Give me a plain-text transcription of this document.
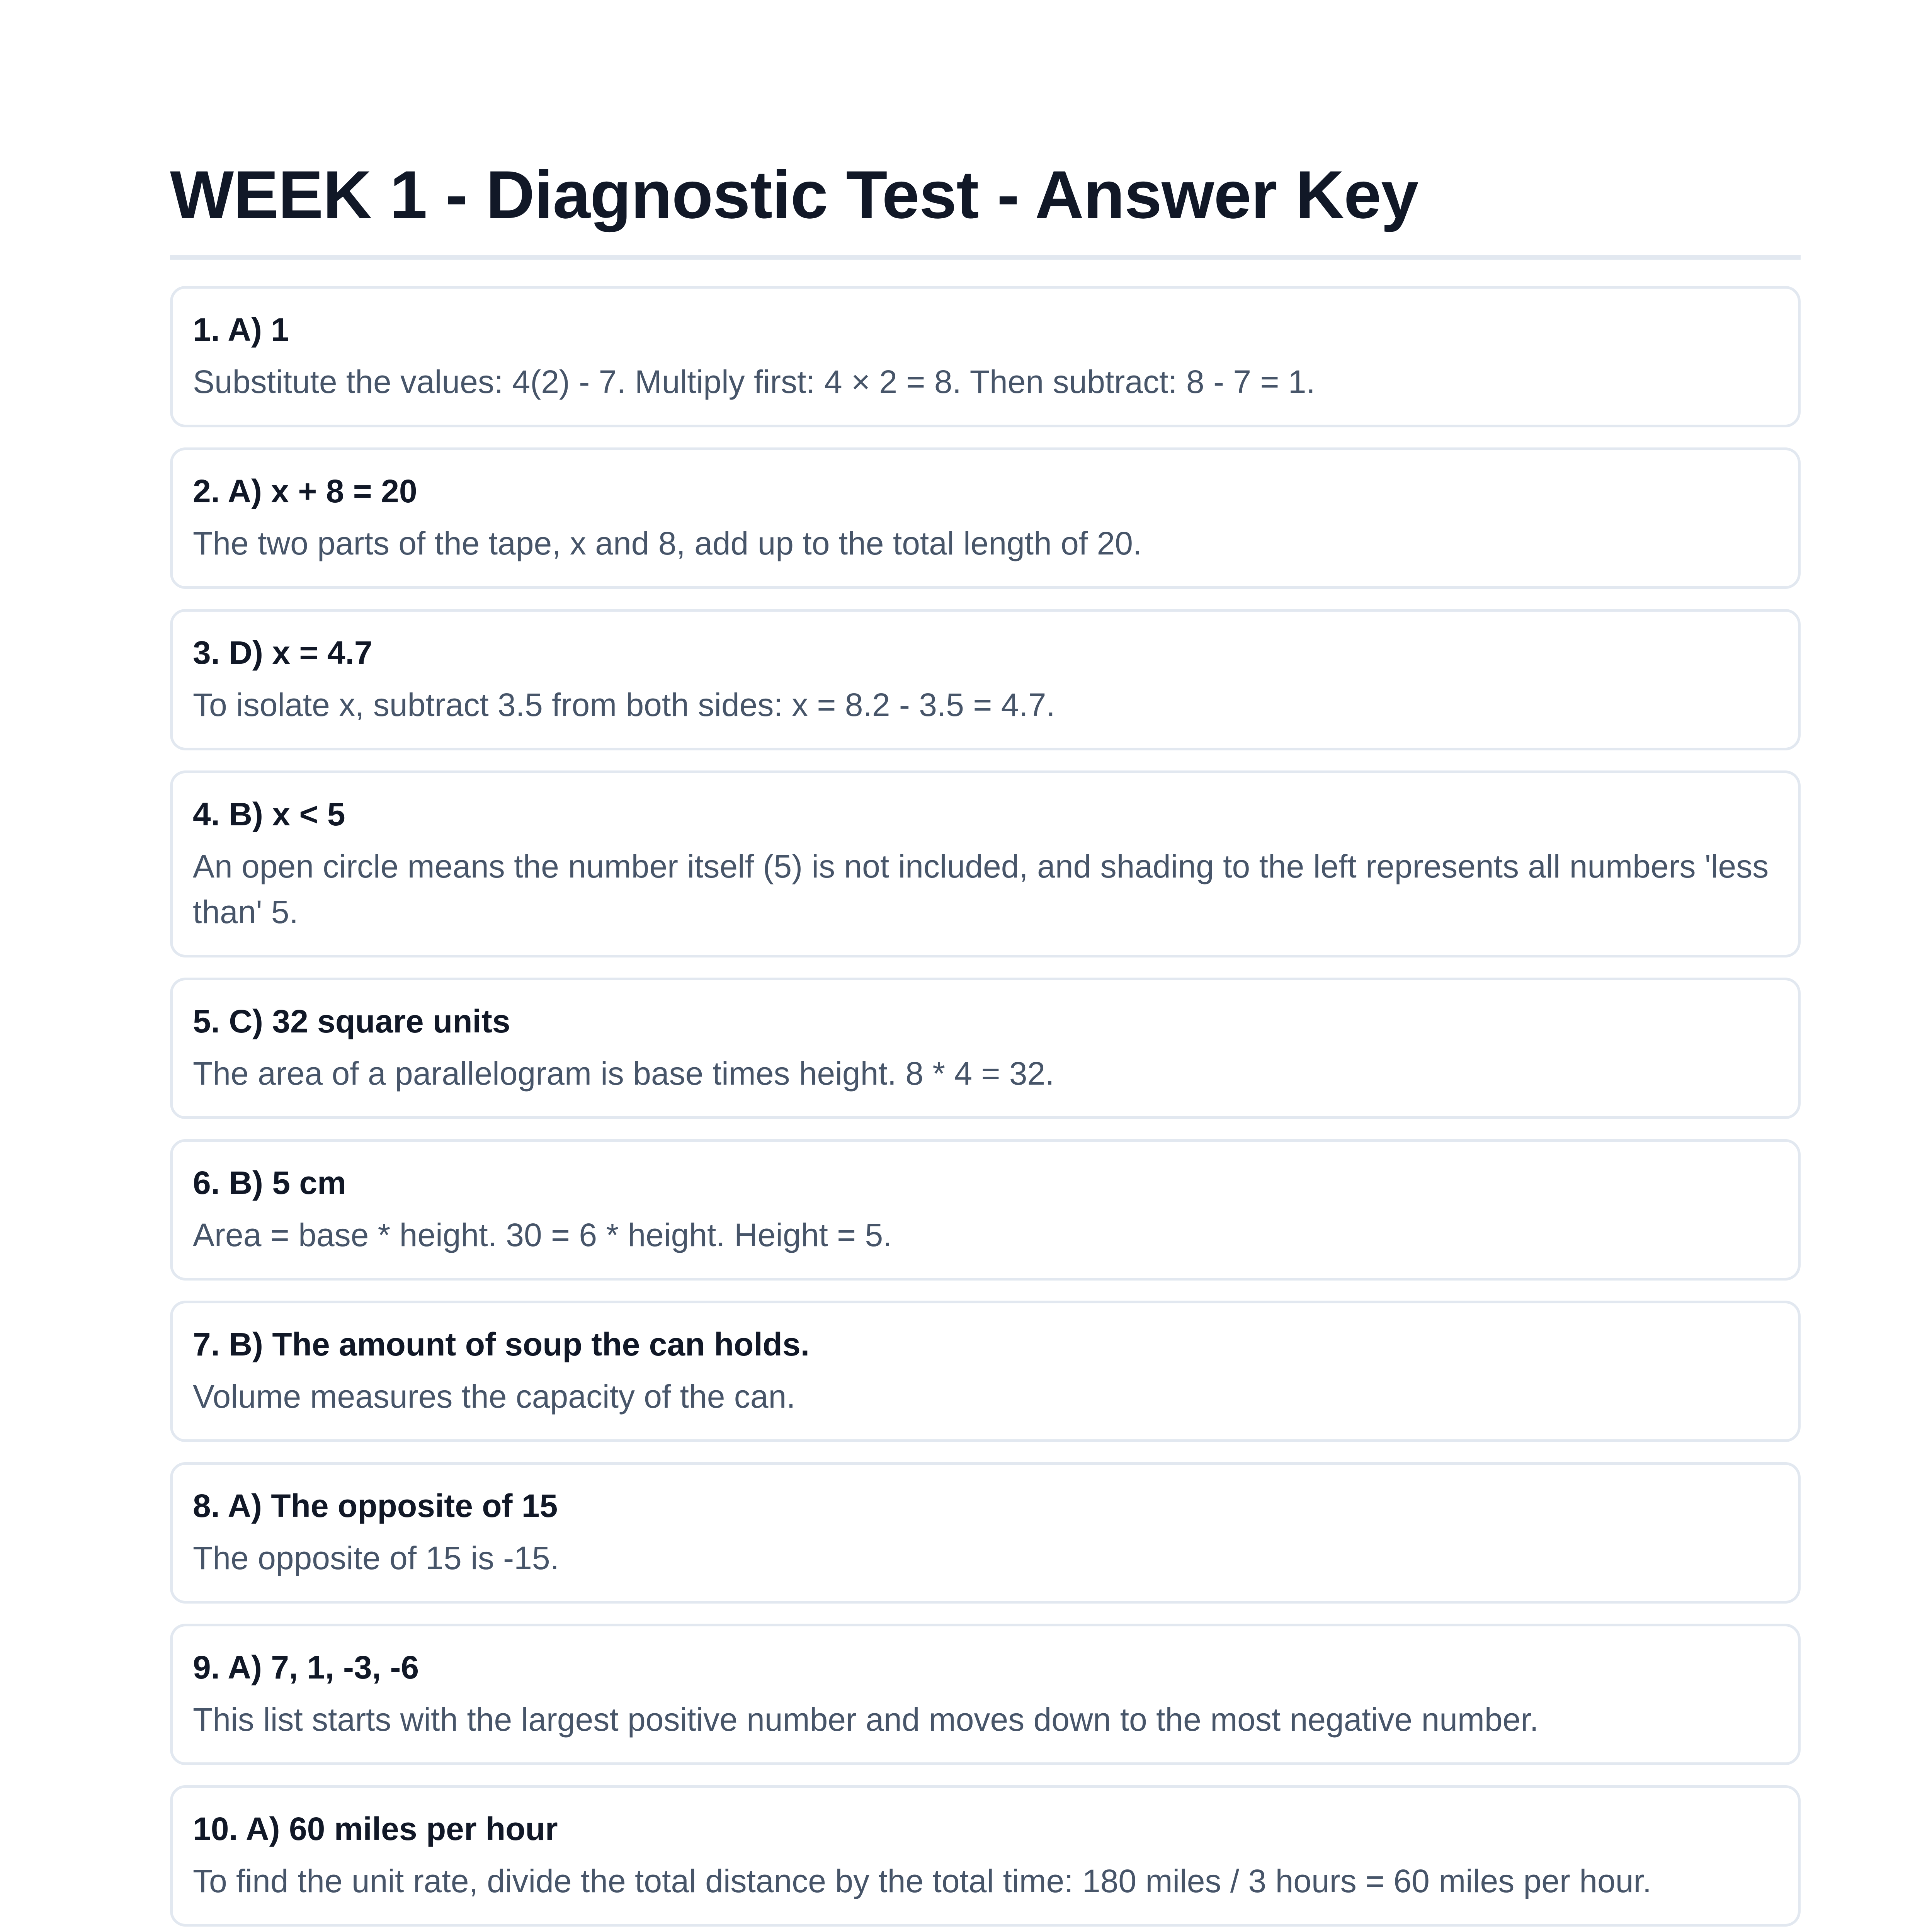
WEEK 1 - Diagnostic Test - Answer Key
1. A) 1
Substitute the values: 4(2) - 7. Multiply first: 4 × 2 = 8. Then subtract: 8 - 7 = 1.
2. A) x + 8 = 20
The two parts of the tape, x and 8, add up to the total length of 20.
3. D) x = 4.7
To isolate x, subtract 3.5 from both sides: x = 8.2 - 3.5 = 4.7.
4. B) x < 5
An open circle means the number itself (5) is not included, and shading to the left represents all numbers 'less than' 5.
5. C) 32 square units
The area of a parallelogram is base times height. 8 * 4 = 32.
6. B) 5 cm
Area = base * height. 30 = 6 * height. Height = 5.
7. B) The amount of soup the can holds.
Volume measures the capacity of the can.
8. A) The opposite of 15
The opposite of 15 is -15.
9. A) 7, 1, -3, -6
This list starts with the largest positive number and moves down to the most negative number.
10. A) 60 miles per hour
To find the unit rate, divide the total distance by the total time: 180 miles / 3 hours = 60 miles per hour.
